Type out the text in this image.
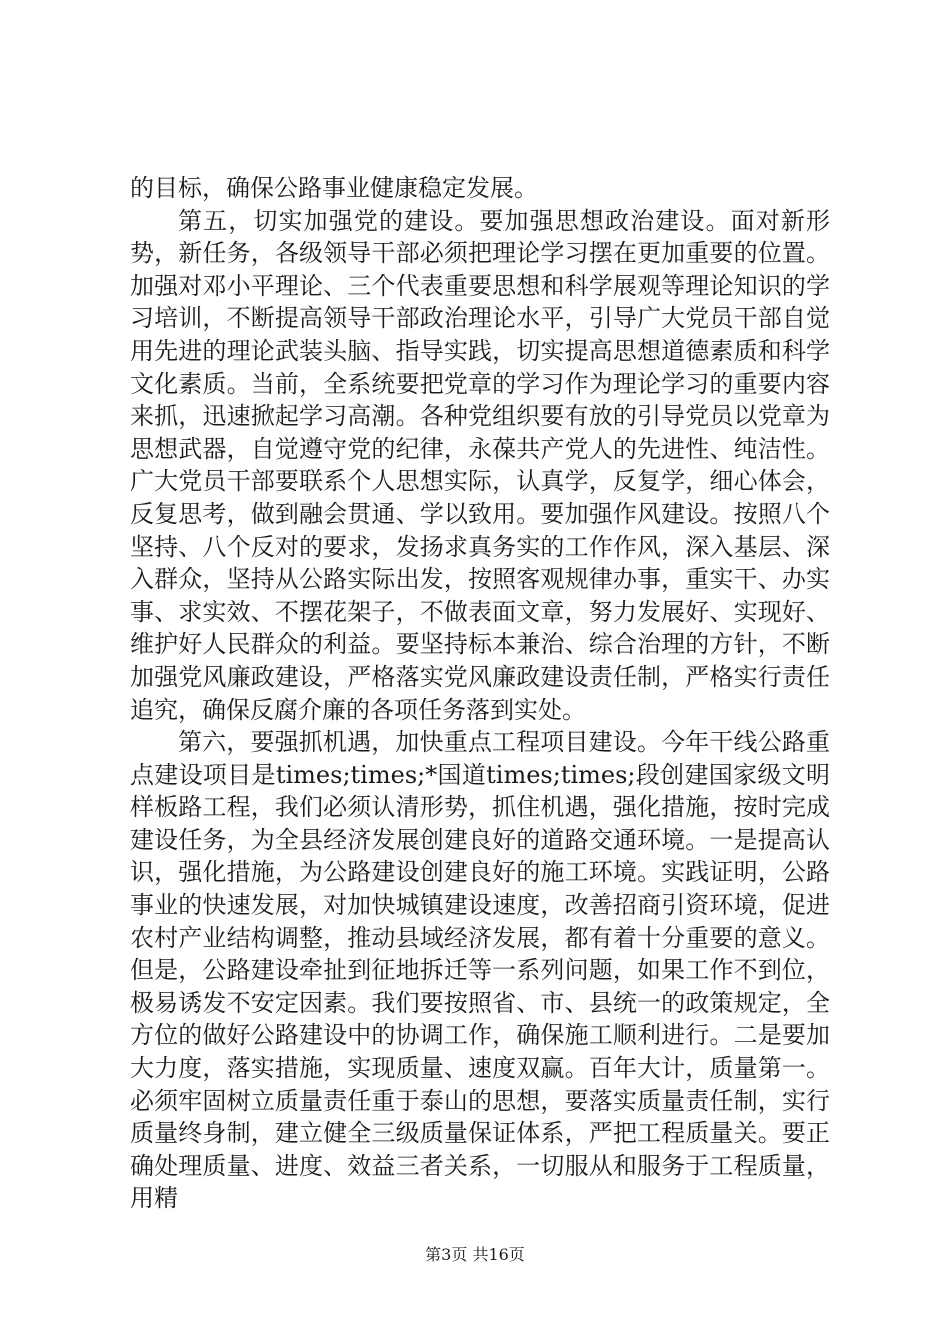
的目标，确保公路事业健康稳定发展。

第五，切实加强党的建设。要加强思想政治建设。面对新形势，新任务，各级领导干部必须把理论学习摆在更加重要的位置。加强对邓小平理论、三个代表重要思想和科学展观等理论知识的学习培训，不断提高领导干部政治理论水平，引导广大党员干部自觉用先进的理论武装头脑、指导实践，切实提高思想道德素质和科学文化素质。当前，全系统要把党章的学习作为理论学习的重要内容来抓，迅速掀起学习高潮。各种党组织要有放的引导党员以党章为思想武器，自觉遵守党的纪律，永葆共产党人的先进性、纯洁性。广大党员干部要联系个人思想实际，认真学，反复学，细心体会，反复思考，做到融会贯通、学以致用。要加强作风建设。按照八个坚持、八个反对的要求，发扬求真务实的工作作风，深入基层、深入群众，坚持从公路实际出发，按照客观规律办事，重实干、办实事、求实效、不摆花架子，不做表面文章，努力发展好、实现好、维护好人民群众的利益。要坚持标本兼治、综合治理的方针，不断加强党风廉政建设，严格落实党风廉政建设责任制，严格实行责任追究，确保反腐介廉的各项任务落到实处。

第六，要强抓机遇，加快重点工程项目建设。今年干线公路重点建设项目是times;times;*国道times;times;段创建国家级文明样板路工程，我们必须认清形势，抓住机遇，强化措施，按时完成建设任务，为全县经济发展创建良好的道路交通环境。一是提高认识，强化措施，为公路建设创建良好的施工环境。实践证明，公路事业的快速发展，对加快城镇建设速度，改善招商引资环境，促进农村产业结构调整，推动县域经济发展，都有着十分重要的意义。但是，公路建设牵扯到征地拆迁等一系列问题，如果工作不到位，极易诱发不安定因素。我们要按照省、市、县统一的政策规定，全方位的做好公路建设中的协调工作，确保施工顺利进行。二是要加大力度，落实措施，实现质量、速度双赢。百年大计，质量第一。必须牢固树立质量责任重于泰山的思想，要落实质量责任制，实行质量终身制，建立健全三级质量保证体系，严把工程质量关。要正确处理质量、进度、效益三者关系，一切服从和服务于工程质量，用精

第3页 共16页
